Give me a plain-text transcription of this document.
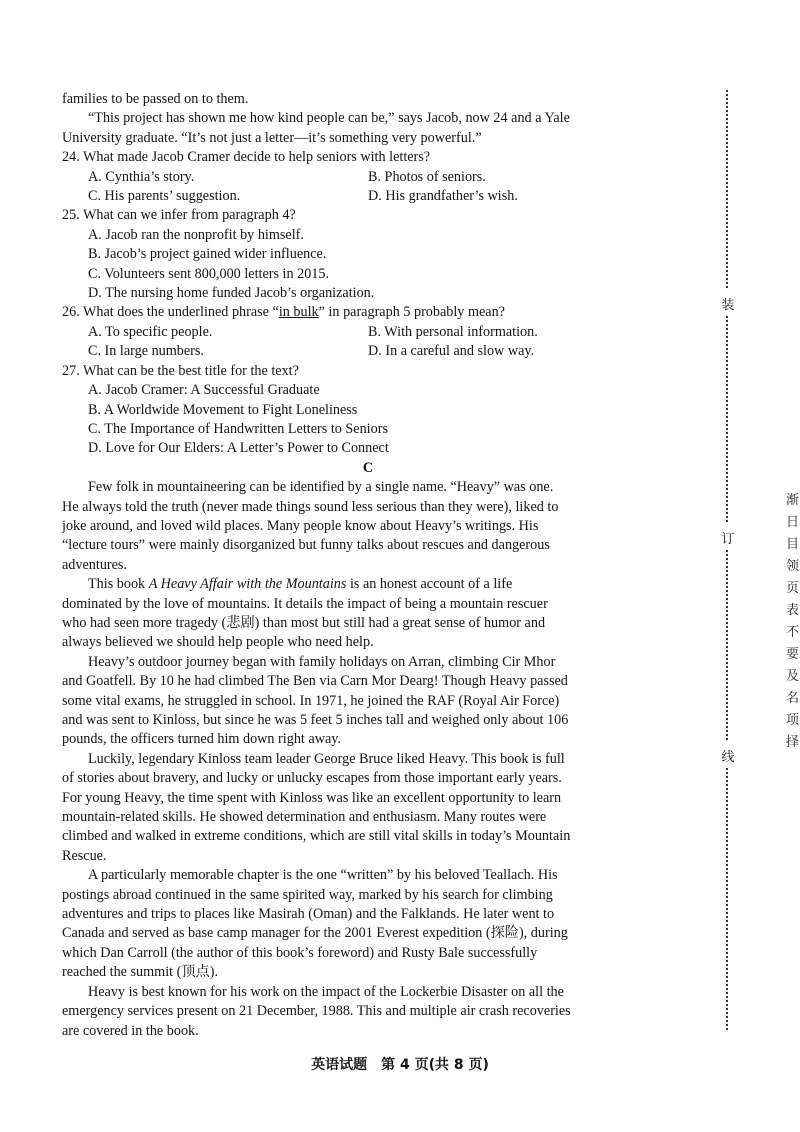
families to be passed on to them.
“This project has shown me how kind people can be,” says Jacob, now 24 and a Yale
University graduate. “It’s not just a letter—it’s something very powerful.”
24. What made Jacob Cramer decide to help seniors with letters?
A. Cynthia’s story.	B. Photos of seniors.
C. His parents’ suggestion.	D. His grandfather’s wish.
25. What can we infer from paragraph 4?
A. Jacob ran the nonprofit by himself.
B. Jacob’s project gained wider influence.
C. Volunteers sent 800,000 letters in 2015.
D. The nursing home funded Jacob’s organization.
26. What does the underlined phrase “in bulk” in paragraph 5 probably mean?
A. To specific people.	B. With personal information.
C. In large numbers.	D. In a careful and slow way.
27. What can be the best title for the text?
A. Jacob Cramer: A Successful Graduate
B. A Worldwide Movement to Fight Loneliness
C. The Importance of Handwritten Letters to Seniors
D. Love for Our Elders: A Letter’s Power to Connect
C
Few folk in mountaineering can be identified by a single name. “Heavy” was one.
He always told the truth (never made things sound less serious than they were), liked to
joke around, and loved wild places. Many people know about Heavy’s writings. His
“lecture tours” were mainly disorganized but funny talks about rescues and dangerous
adventures.
This book A Heavy Affair with the Mountains is an honest account of a life
dominated by the love of mountains. It details the impact of being a mountain rescuer
who had seen more tragedy (悲剧) than most but still had a great sense of humor and
always believed we should help people who need help.
Heavy’s outdoor journey began with family holidays on Arran, climbing Cir Mhor
and Goatfell. By 10 he had climbed The Ben via Carn Mor Dearg! Though Heavy passed
some vital exams, he struggled in school. In 1971, he joined the RAF (Royal Air Force)
and was sent to Kinloss, but since he was 5 feet 5 inches tall and weighed only about 106
pounds, the officers turned him down right away.
Luckily, legendary Kinloss team leader George Bruce liked Heavy. This book is full
of stories about bravery, and lucky or unlucky escapes from those important early years.
For young Heavy, the time spent with Kinloss was like an excellent opportunity to learn
mountain-related skills. He showed determination and enthusiasm. Many routes were
climbed and walked in extreme conditions, which are still vital skills in today’s Mountain
Rescue.
A particularly memorable chapter is the one “written” by his beloved Teallach. His
postings abroad continued in the same spirited way, marked by his search for climbing
adventures and trips to places like Masirah (Oman) and the Falklands. He later went to
Canada and served as base camp manager for the 2001 Everest expedition (探险), during
which Dan Carroll (the author of this book’s foreword) and Rusty Bale successfully
reached the summit (顶点).
Heavy is best known for his work on the impact of the Lockerbie Disaster on all the
emergency services present on 21 December, 1988. This and multiple air crash recoveries
are covered in the book.
装
订
线
渐日目领页表不要及名项择
英语试题　第 4 页(共 8 页)
